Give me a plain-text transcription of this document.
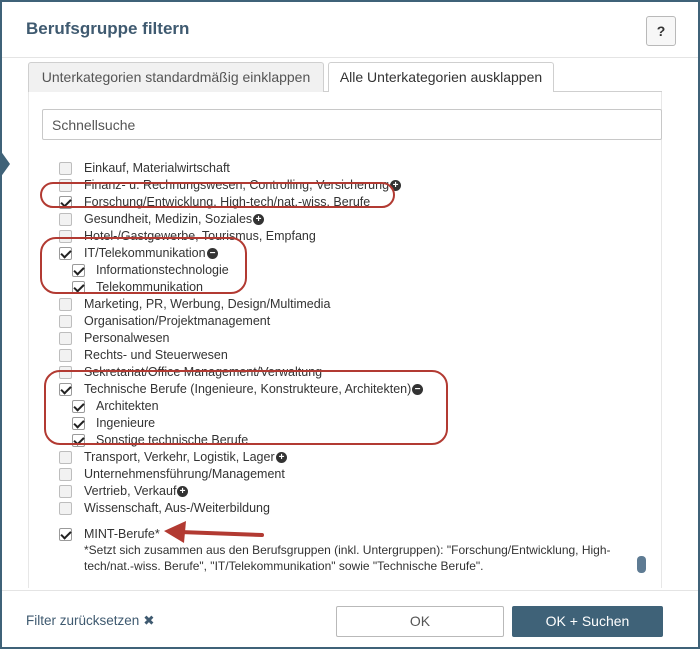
Berufsgruppe filtern	?
Unterkategorien standardmäßig einklappen	Alle Unterkategorien ausklappen
Schnellsuche
Einkauf, Materialwirtschaft
Finanz- u. Rechnungswesen, Controlling, Versicherung +
Forschung/Entwicklung, High-tech/nat.-wiss. Berufe
Gesundheit, Medizin, Soziales +
Hotel-/Gastgewerbe, Tourismus, Empfang
IT/Telekommunikation −
Informationstechnologie
Telekommunikation
Marketing, PR, Werbung, Design/Multimedia
Organisation/Projektmanagement
Personalwesen
Rechts- und Steuerwesen
Sekretariat/Office Management/Verwaltung
Technische Berufe (Ingenieure, Konstrukteure, Architekten) −
Architekten
Ingenieure
Sonstige technische Berufe
Transport, Verkehr, Logistik, Lager +
Unternehmensführung/Management
Vertrieb, Verkauf +
Wissenschaft, Aus-/Weiterbildung
MINT-Berufe*
*Setzt sich zusammen aus den Berufsgruppen (inkl. Untergruppen): "Forschung/Entwicklung, High-tech/nat.-wiss. Berufe", "IT/Telekommunikation" sowie "Technische Berufe".
Filter zurücksetzen ✖	OK	OK + Suchen
